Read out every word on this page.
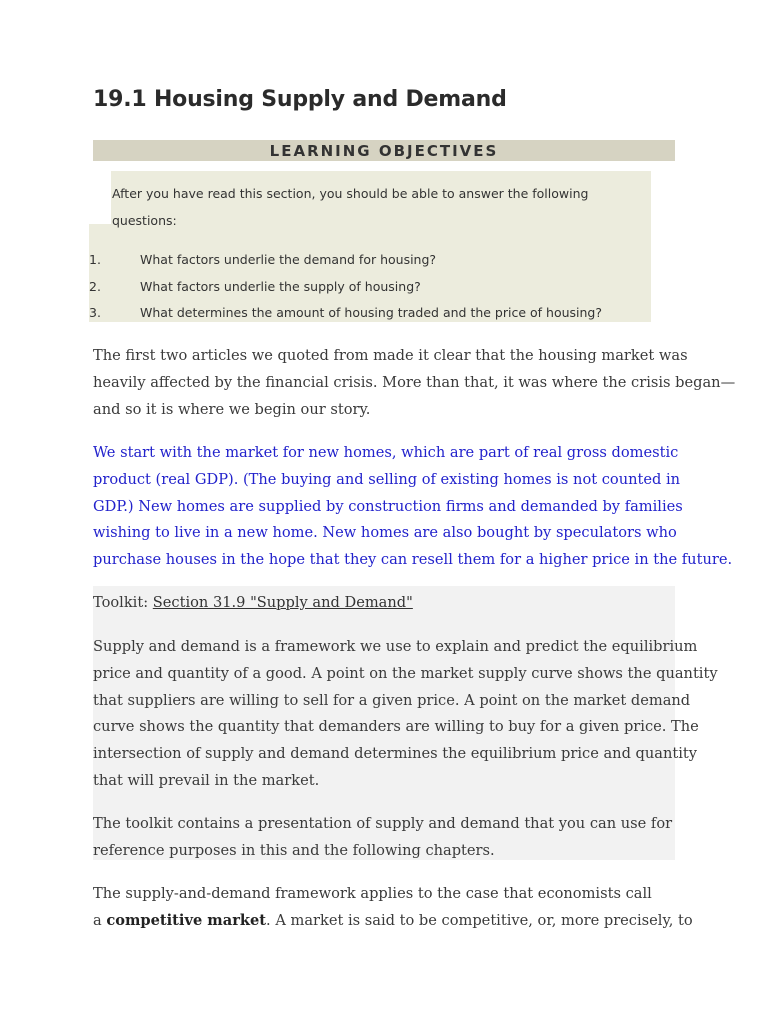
19.1 Housing Supply and Demand
LEARNING OBJECTIVES
After you have read this section, you should be able to answer the following
questions:
1.	What factors underlie the demand for housing?
2.	What factors underlie the supply of housing?
3.	What determines the amount of housing traded and the price of housing?

The first two articles we quoted from made it clear that the housing market was
heavily affected by the financial crisis. More than that, it was where the crisis began—
and so it is where we begin our story.

We start with the market for new homes, which are part of real gross domestic
product (real GDP). (The buying and selling of existing homes is not counted in
GDP.) New homes are supplied by construction firms and demanded by families
wishing to live in a new home. New homes are also bought by speculators who
purchase houses in the hope that they can resell them for a higher price in the future.

Toolkit: Section 31.9 "Supply and Demand"

Supply and demand is a framework we use to explain and predict the equilibrium
price and quantity of a good. A point on the market supply curve shows the quantity
that suppliers are willing to sell for a given price. A point on the market demand
curve shows the quantity that demanders are willing to buy for a given price. The
intersection of supply and demand determines the equilibrium price and quantity
that will prevail in the market.

The toolkit contains a presentation of supply and demand that you can use for
reference purposes in this and the following chapters.

The supply-and-demand framework applies to the case that economists call
a competitive market. A market is said to be competitive, or, more precisely, to
